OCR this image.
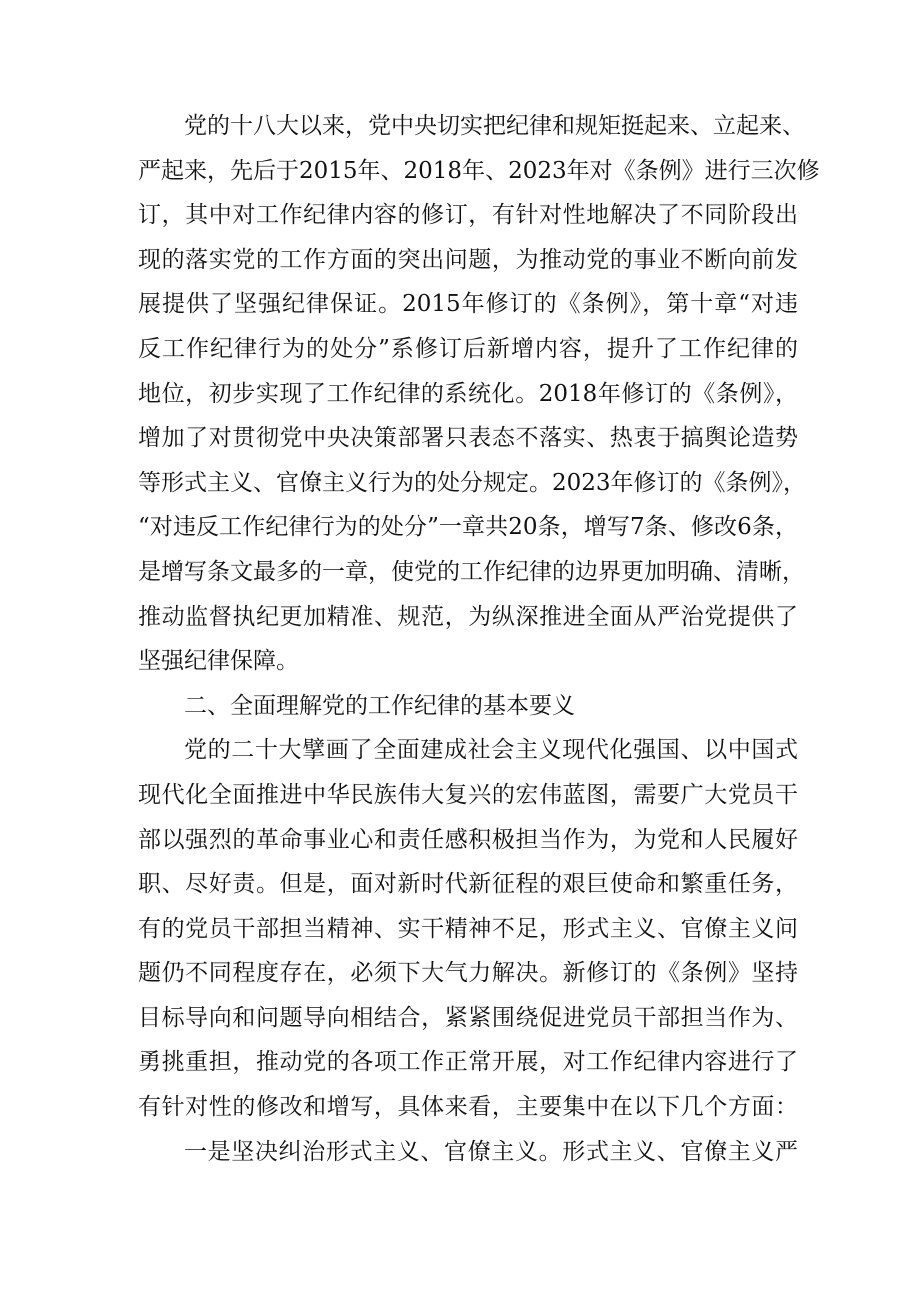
党的十八大以来，党中央切实把纪律和规矩挺起来、立起来、
严起来，先后于2015年、2018年、2023年对《条例》进行三次修
订，其中对工作纪律内容的修订，有针对性地解决了不同阶段出
现的落实党的工作方面的突出问题，为推动党的事业不断向前发
展提供了坚强纪律保证。2015年修订的《条例》，第十章“对违
反工作纪律行为的处分”系修订后新增内容，提升了工作纪律的
地位，初步实现了工作纪律的系统化。2018年修订的《条例》，
增加了对贯彻党中央决策部署只表态不落实、热衷于搞舆论造势
等形式主义、官僚主义行为的处分规定。2023年修订的《条例》，
“对违反工作纪律行为的处分”一章共20条，增写7条、修改6条，
是增写条文最多的一章，使党的工作纪律的边界更加明确、清晰，
推动监督执纪更加精准、规范，为纵深推进全面从严治党提供了
坚强纪律保障。
二、全面理解党的工作纪律的基本要义
党的二十大擘画了全面建成社会主义现代化强国、以中国式
现代化全面推进中华民族伟大复兴的宏伟蓝图，需要广大党员干
部以强烈的革命事业心和责任感积极担当作为，为党和人民履好
职、尽好责。但是，面对新时代新征程的艰巨使命和繁重任务，
有的党员干部担当精神、实干精神不足，形式主义、官僚主义问
题仍不同程度存在，必须下大气力解决。新修订的《条例》坚持
目标导向和问题导向相结合，紧紧围绕促进党员干部担当作为、
勇挑重担，推动党的各项工作正常开展，对工作纪律内容进行了
有针对性的修改和增写，具体来看，主要集中在以下几个方面：
一是坚决纠治形式主义、官僚主义。形式主义、官僚主义严
